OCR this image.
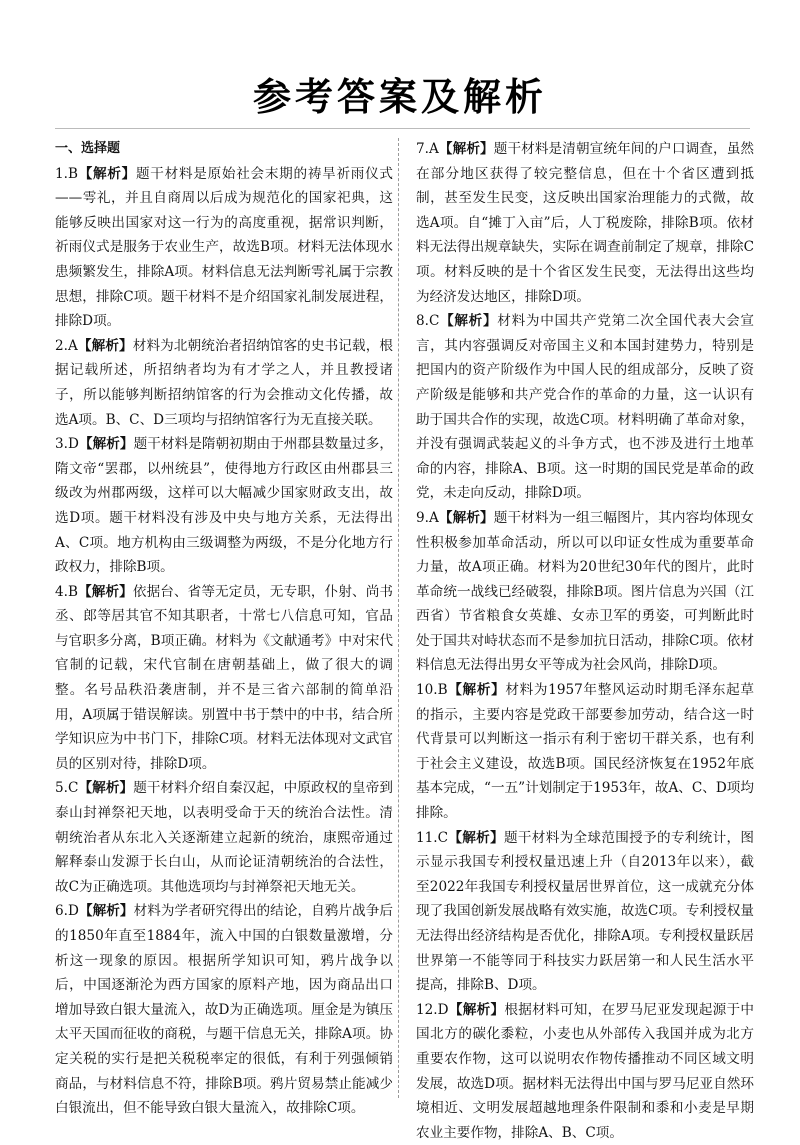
参考答案及解析

一、选择题

1.B【解析】题干材料是原始社会末期的祷旱祈雨仪式——雩礼，并且自商周以后成为规范化的国家祀典，这能够反映出国家对这一行为的高度重视，据常识判断，祈雨仪式是服务于农业生产，故选B项。材料无法体现水患频繁发生，排除A项。材料信息无法判断雩礼属于宗教思想，排除C项。题干材料不是介绍国家礼制发展进程，排除D项。

2.A【解析】材料为北朝统治者招纳馆客的史书记载，根据记载所述，所招纳者均为有才学之人，并且教授诸子，所以能够判断招纳馆客的行为会推动文化传播，故选A项。B、C、D三项均与招纳馆客行为无直接关联。

3.D【解析】题干材料是隋朝初期由于州郡县数量过多，隋文帝“罢郡，以州统县”，使得地方行政区由州郡县三级改为州郡两级，这样可以大幅减少国家财政支出，故选D项。题干材料没有涉及中央与地方关系，无法得出A、C项。地方机构由三级调整为两级，不是分化地方行政权力，排除B项。

4.B【解析】依据台、省等无定员，无专职，仆射、尚书丞、郎等居其官不知其职者，十常七八信息可知，官品与官职多分离，B项正确。材料为《文献通考》中对宋代官制的记载，宋代官制在唐朝基础上，做了很大的调整。名号品秩沿袭唐制，并不是三省六部制的简单沿用，A项属于错误解读。别置中书于禁中的中书，结合所学知识应为中书门下，排除C项。材料无法体现对文武官员的区别对待，排除D项。

5.C【解析】题干材料介绍自秦汉起，中原政权的皇帝到泰山封禅祭祀天地，以表明受命于天的统治合法性。清朝统治者从东北入关逐渐建立起新的统治，康熙帝通过解释泰山发源于长白山，从而论证清朝统治的合法性，故C为正确选项。其他选项均与封禅祭祀天地无关。

6.D【解析】材料为学者研究得出的结论，自鸦片战争后的1850年直至1884年，流入中国的白银数量激增，分析这一现象的原因。根据所学知识可知，鸦片战争以后，中国逐渐沦为西方国家的原料产地，因为商品出口增加导致白银大量流入，故D为正确选项。厘金是为镇压太平天国而征收的商税，与题干信息无关，排除A项。协定关税的实行是把关税税率定的很低，有利于列强倾销商品，与材料信息不符，排除B项。鸦片贸易禁止能减少白银流出，但不能导致白银大量流入，故排除C项。

7.A【解析】题干材料是清朝宣统年间的户口调查，虽然在部分地区获得了较完整信息，但在十个省区遭到抵制，甚至发生民变，这反映出国家治理能力的式微，故选A项。自“摊丁入亩”后，人丁税废除，排除B项。依材料无法得出规章缺失，实际在调查前制定了规章，排除C项。材料反映的是十个省区发生民变，无法得出这些均为经济发达地区，排除D项。

8.C【解析】材料为中国共产党第二次全国代表大会宣言，其内容强调反对帝国主义和本国封建势力，特别是把国内的资产阶级作为中国人民的组成部分，反映了资产阶级是能够和共产党合作的革命的力量，这一认识有助于国共合作的实现，故选C项。材料明确了革命对象，并没有强调武装起义的斗争方式，也不涉及进行土地革命的内容，排除A、B项。这一时期的国民党是革命的政党，未走向反动，排除D项。

9.A【解析】题干材料为一组三幅图片，其内容均体现女性积极参加革命活动，所以可以印证女性成为重要革命力量，故A项正确。材料为20世纪30年代的图片，此时革命统一战线已经破裂，排除B项。图片信息为兴国（江西省）节省粮食女英雄、女赤卫军的勇姿，可判断此时处于国共对峙状态而不是参加抗日活动，排除C项。依材料信息无法得出男女平等成为社会风尚，排除D项。

10.B【解析】材料为1957年整风运动时期毛泽东起草的指示，主要内容是党政干部要参加劳动，结合这一时代背景可以判断这一指示有利于密切干群关系，也有利于社会主义建设，故选B项。国民经济恢复在1952年底基本完成，“一五”计划制定于1953年，故A、C、D项均排除。

11.C【解析】题干材料为全球范围授予的专利统计，图示显示我国专利授权量迅速上升（自2013年以来），截至2022年我国专利授权量居世界首位，这一成就充分体现了我国创新发展战略有效实施，故选C项。专利授权量无法得出经济结构是否优化，排除A项。专利授权量跃居世界第一不能等同于科技实力跃居第一和人民生活水平提高，排除B、D项。

12.D【解析】根据材料可知，在罗马尼亚发现起源于中国北方的碳化黍粒，小麦也从外部传入我国并成为北方重要农作物，这可以说明农作物传播推动不同区域文明发展，故选D项。据材料无法得出中国与罗马尼亚自然环境相近、文明发展超越地理条件限制和黍和小麦是早期农业主要作物，排除A、B、C项。
